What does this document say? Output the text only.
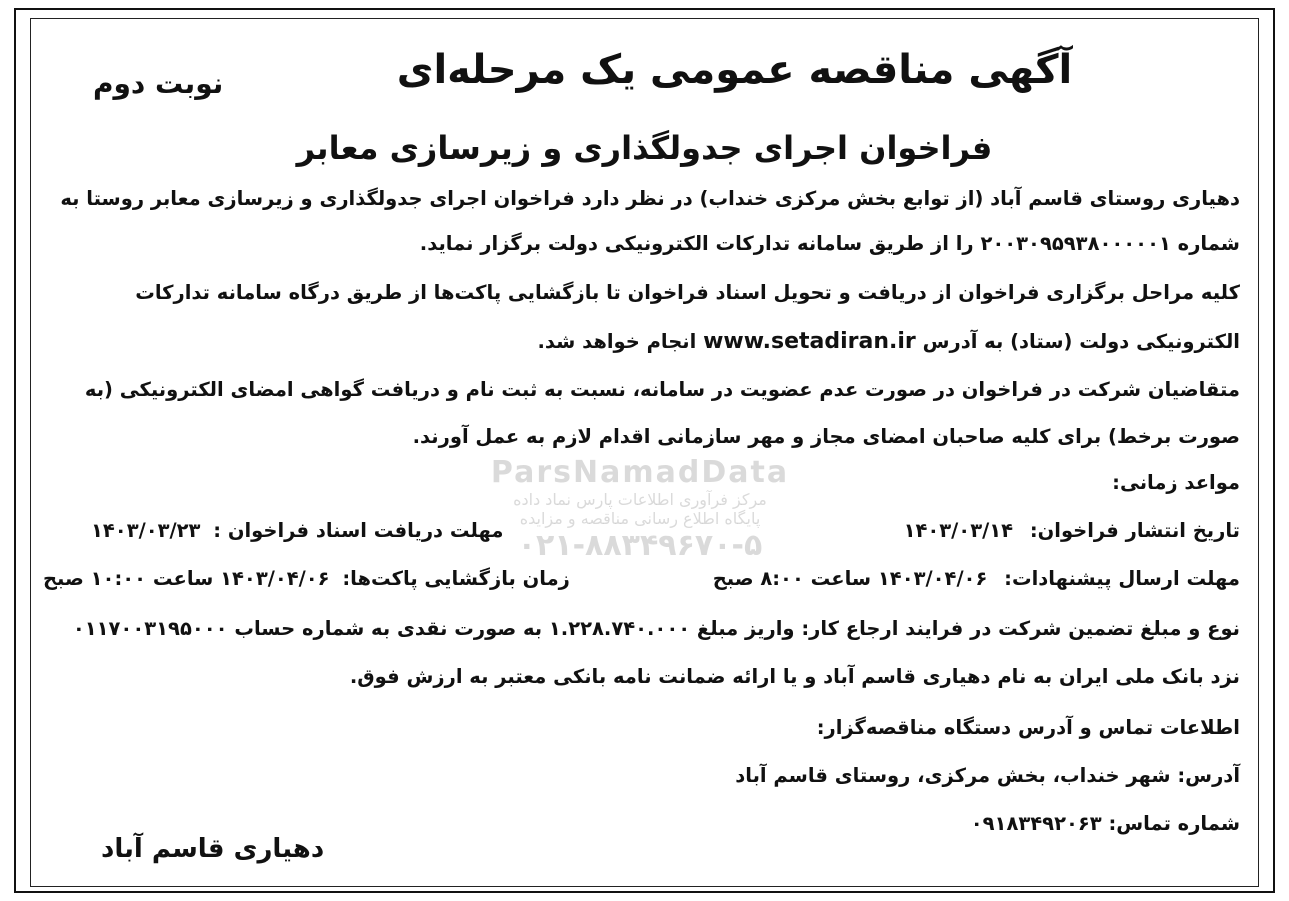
نوبت دوم	آگهی مناقصه عمومی یک مرحله‌ای
فراخوان اجرای جدولگذاری و زیرسازی معابر
دهیاری روستای قاسم آباد (از توابع بخش مرکزی خنداب) در نظر دارد فراخوان اجرای جدولگذاری و زیرسازی معابر روستا به
شماره ۲۰۰۳۰۹۵۹۳۸۰۰۰۰۰۱ را از طریق سامانه تدارکات الکترونیکی دولت برگزار نماید.
کلیه مراحل برگزاری فراخوان از دریافت و تحویل اسناد فراخوان تا بازگشایی پاکت‌ها از طریق درگاه سامانه تدارکات
الکترونیکی دولت (ستاد) به آدرس www.setadiran.ir انجام خواهد شد.
متقاضیان شرکت در فراخوان در صورت عدم عضویت در سامانه، نسبت به ثبت نام و دریافت گواهی امضای الکترونیکی (به
صورت برخط) برای کلیه صاحبان امضای مجاز و مهر سازمانی اقدام لازم به عمل آورند.
مواعد زمانی:
تاریخ انتشار فراخوان: ۱۴۰۳/۰۳/۱۴
مهلت دریافت اسناد فراخوان : ۱۴۰۳/۰۳/۲۳
مهلت ارسال پیشنهادات: ۱۴۰۳/۰۴/۰۶ ساعت ۸:۰۰ صبح
زمان بازگشایی پاکت‌ها: ۱۴۰۳/۰۴/۰۶ ساعت ۱۰:۰۰ صبح
نوع و مبلغ تضمین شرکت در فرایند ارجاع کار: واریز مبلغ ۱.۲۲۸.۷۴۰.۰۰۰ به صورت نقدی به شماره حساب ۰۱۱۷۰۰۳۱۹۵۰۰۰
نزد بانک ملی ایران به نام دهیاری قاسم آباد و یا ارائه ضمانت نامه بانکی معتبر به ارزش فوق.
اطلاعات تماس و آدرس دستگاه مناقصه‌گزار:
آدرس: شهر خنداب، بخش مرکزی، روستای قاسم آباد
شماره تماس: ۰۹۱۸۳۴۹۲۰۶۳
دهیاری قاسم آباد
ParsNamadData
مرکز فرآوری اطلاعات پارس نماد داده
پایگاه اطلاع رسانی مناقصه و مزایده
۰۲۱-۸۸۳۴۹۶۷۰-۵
